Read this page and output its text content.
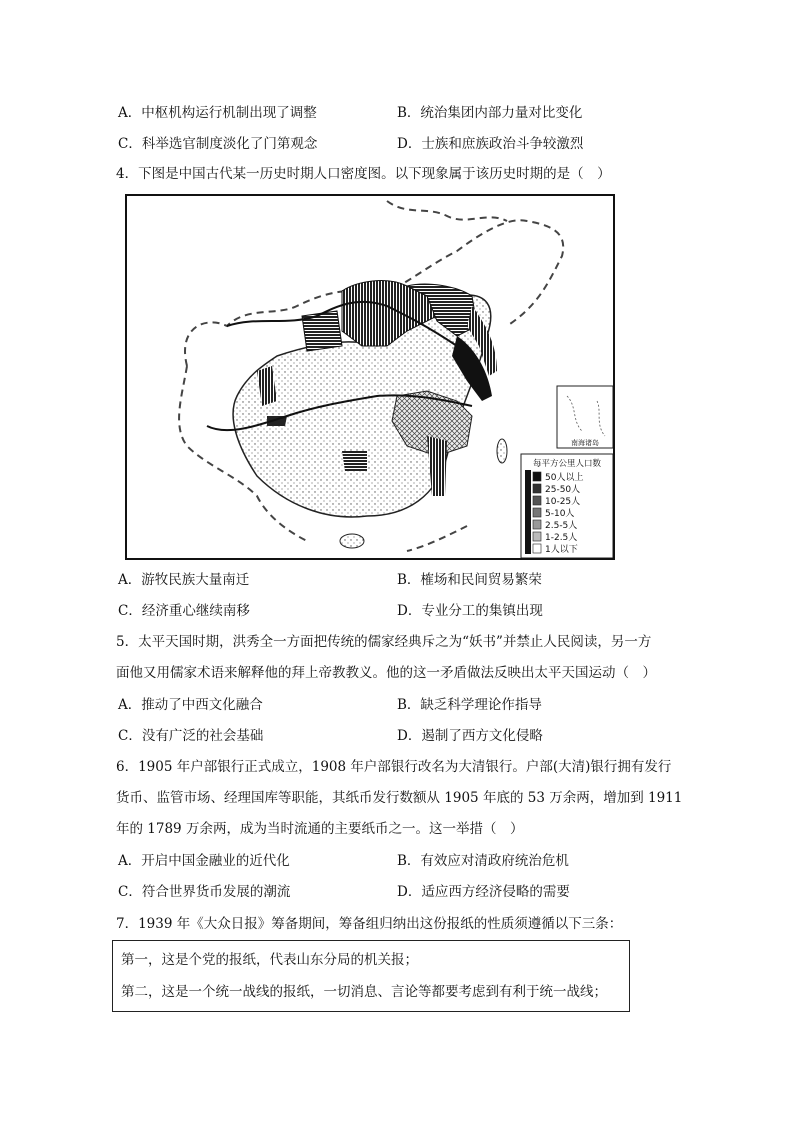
A．中枢机构运行机制出现了调整	B．统治集团内部力量对比变化
C．科举选官制度淡化了门第观念	D．士族和庶族政治斗争较激烈
4．下图是中国古代某一历史时期人口密度图。以下现象属于该历史时期的是（　）
南海诸岛
每平方公里人口数
50人以上
25-50人
10-25人
5-10人
2.5-5人
1-2.5人
1人以下
A．游牧民族大量南迁	B．榷场和民间贸易繁荣
C．经济重心继续南移	D．专业分工的集镇出现
5．太平天国时期，洪秀全一方面把传统的儒家经典斥之为“妖书”并禁止人民阅读，另一方
面他又用儒家术语来解释他的拜上帝教教义。他的这一矛盾做法反映出太平天国运动（　）
A．推动了中西文化融合	B．缺乏科学理论作指导
C．没有广泛的社会基础	D．遏制了西方文化侵略
6．1905 年户部银行正式成立，1908 年户部银行改名为大清银行。户部(大清)银行拥有发行
货币、监管市场、经理国库等职能，其纸币发行数额从 1905 年底的 53 万余两，增加到 1911
年的 1789 万余两，成为当时流通的主要纸币之一。这一举措（　）
A．开启中国金融业的近代化	B．有效应对清政府统治危机
C．符合世界货币发展的潮流	D．适应西方经济侵略的需要
7．1939 年《大众日报》筹备期间，筹备组归纳出这份报纸的性质须遵循以下三条：
第一，这是个党的报纸，代表山东分局的机关报；
第二，这是一个统一战线的报纸，一切消息、言论等都要考虑到有利于统一战线；
